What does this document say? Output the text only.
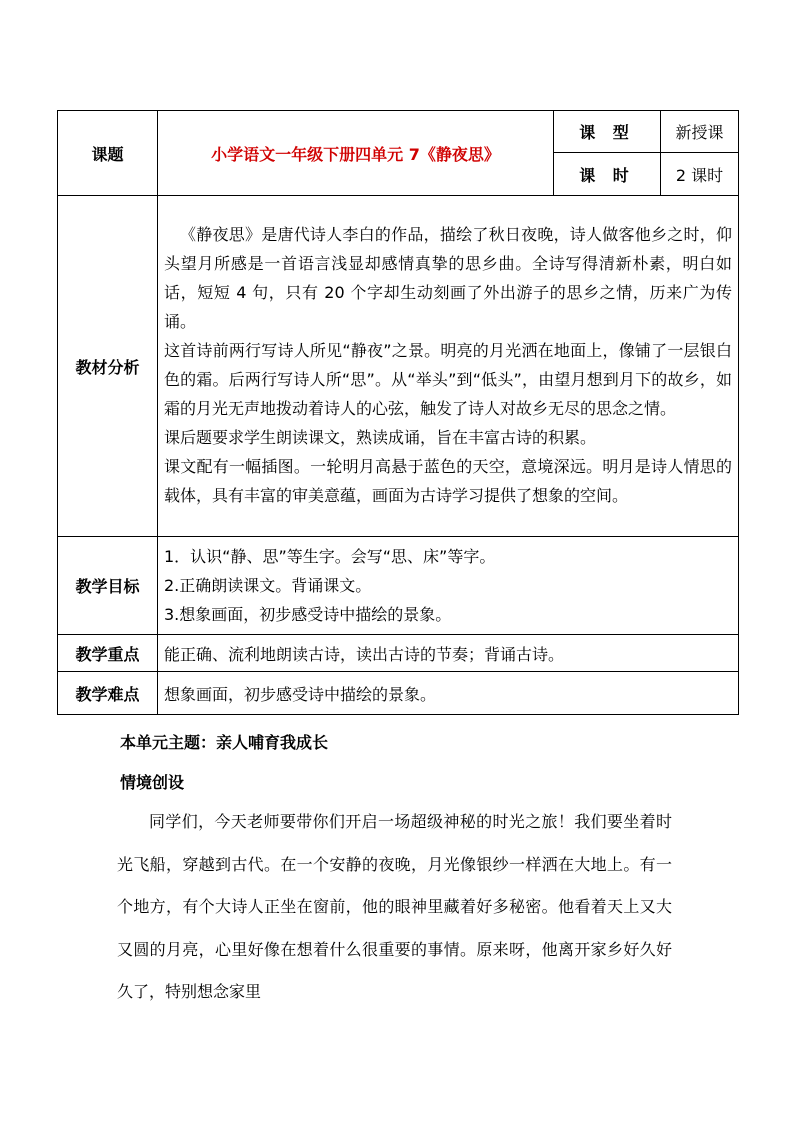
课题	小学语文一年级下册四单元 7《静夜思》	课 型	新授课
		课 时	2 课时
教材分析	《静夜思》是唐代诗人李白的作品，描绘了秋日夜晚，诗人做客他乡之时，仰头望月所感是一首语言浅显却感情真挚的思乡曲。全诗写得清新朴素，明白如话，短短 4 句，只有 20 个字却生动刻画了外出游子的思乡之情，历来广为传诵。

这首诗前两行写诗人所见“静夜”之景。明亮的月光洒在地面上，像铺了一层银白色的霜。后两行写诗人所“思”。从“举头”到“低头”，由望月想到月下的故乡，如霜的月光无声地拨动着诗人的心弦，触发了诗人对故乡无尽的思念之情。

课后题要求学生朗读课文，熟读成诵，旨在丰富古诗的积累。

课文配有一幅插图。一轮明月高悬于蓝色的天空，意境深远。明月是诗人情思的载体，具有丰富的审美意蕴，画面为古诗学习提供了想象的空间。		

教学目标	1．认识“静、思”等生字。会写“思、床”等字。

2.正确朗读课文。背诵课文。

3.想象画面，初步感受诗中描绘的景象。		

教学重点	能正确、流利地朗读古诗，读出古诗的节奏；背诵古诗。		
教学难点	想象画面，初步感受诗中描绘的景象。		
本单元主题：亲人哺育我成长
情境创设

同学们，今天老师要带你们开启一场超级神秘的时光之旅！我们要坐着时光飞船，穿越到古代。在一个安静的夜晚，月光像银纱一样洒在大地上。有一个地方，有个大诗人正坐在窗前，他的眼神里藏着好多秘密。他看着天上又大又圆的月亮，心里好像在想着什么很重要的事情。原来呀，他离开家乡好久好久了，特别想念家里
